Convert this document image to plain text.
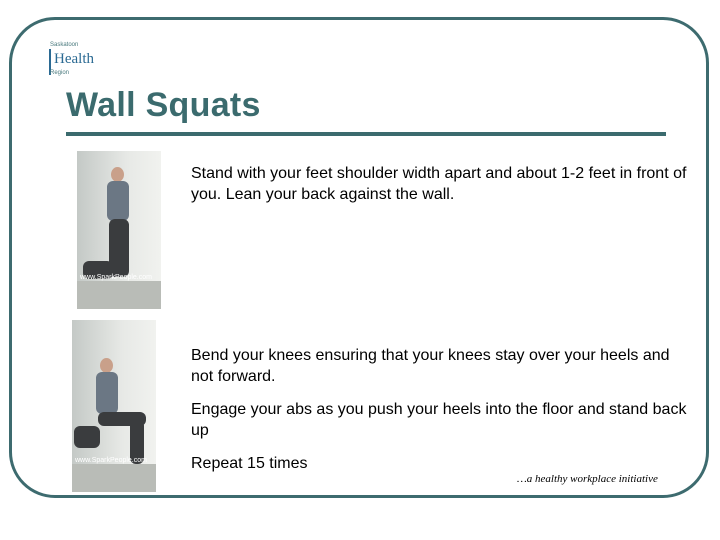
Saskatoon
Health
Region
Wall Squats
www.SparkPeople.com
www.SparkPeople.com
Stand with your feet shoulder width apart and about 1-2 feet in front of you. Lean your back against the wall.
Bend your knees ensuring that your knees stay over your heels and not forward.
Engage your abs as you push your heels into the floor and stand back up
Repeat 15 times
…a healthy workplace initiative
